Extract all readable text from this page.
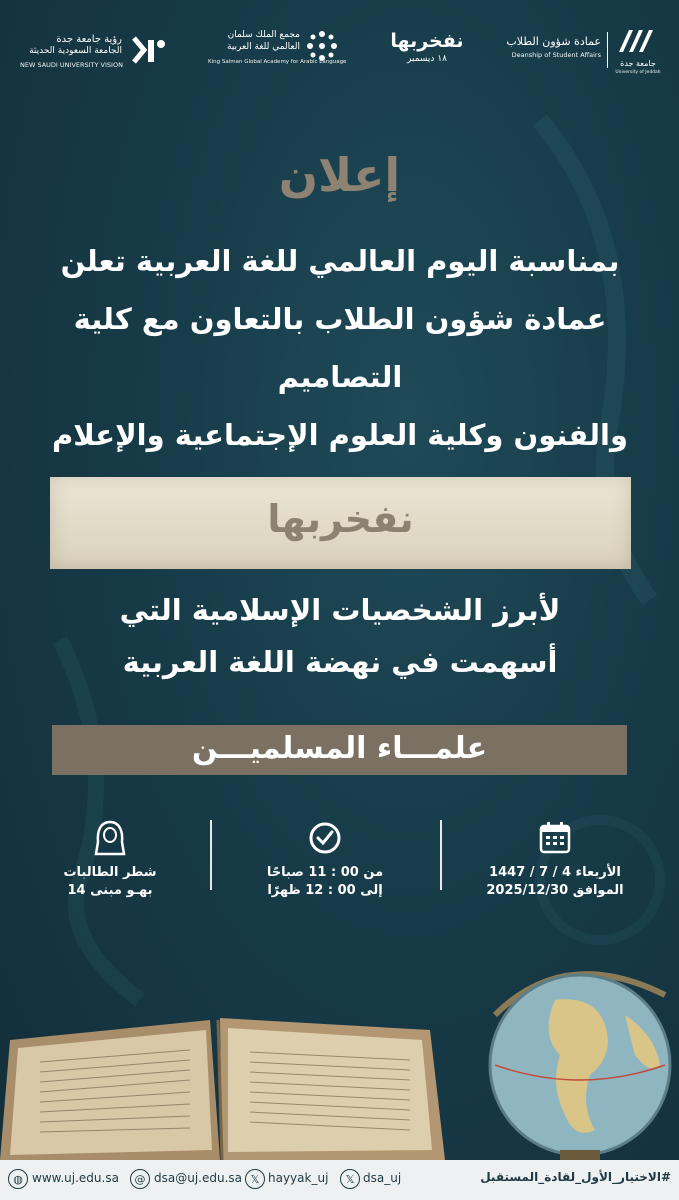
رؤية جامعة جدة
الجامعة السعودية الحديثة
NEW SAUDI UNIVERSITY VISION
مجمع الملك سلمان
العالمي للغة العربية
King Salman Global Academy for Arabic Language
نفخربها
١٨ ديسمبر
عمادة شؤون الطلاب
Deanship of Student Affairs
جامعة جدة
University of Jeddah
إعلان
بمناسبة اليوم العالمي للغة العربية تعلن
عمادة شؤون الطلاب بالتعاون مع كلية التصاميم
والفنون وكلية العلوم الإجتماعية والإعلام
نفخربها
لأبرز الشخصيات الإسلامية التي
أسهمت في نهضة اللغة العربية
علمـــاء المسلميـــن
شطر الطالبات
بهـو مبنى 14
من 00 : 11 صباحًا
إلى 00 : 12 ظهرًا
الأربعاء 4 / 7 / 1447
الموافق 2025/12/30
◍ www.uj.edu.sa	@ dsa@uj.edu.sa 𝕏 hayyak_uj	𝕏 dsa_uj	#الاختيار_الأول_لقادة_المستقبل
